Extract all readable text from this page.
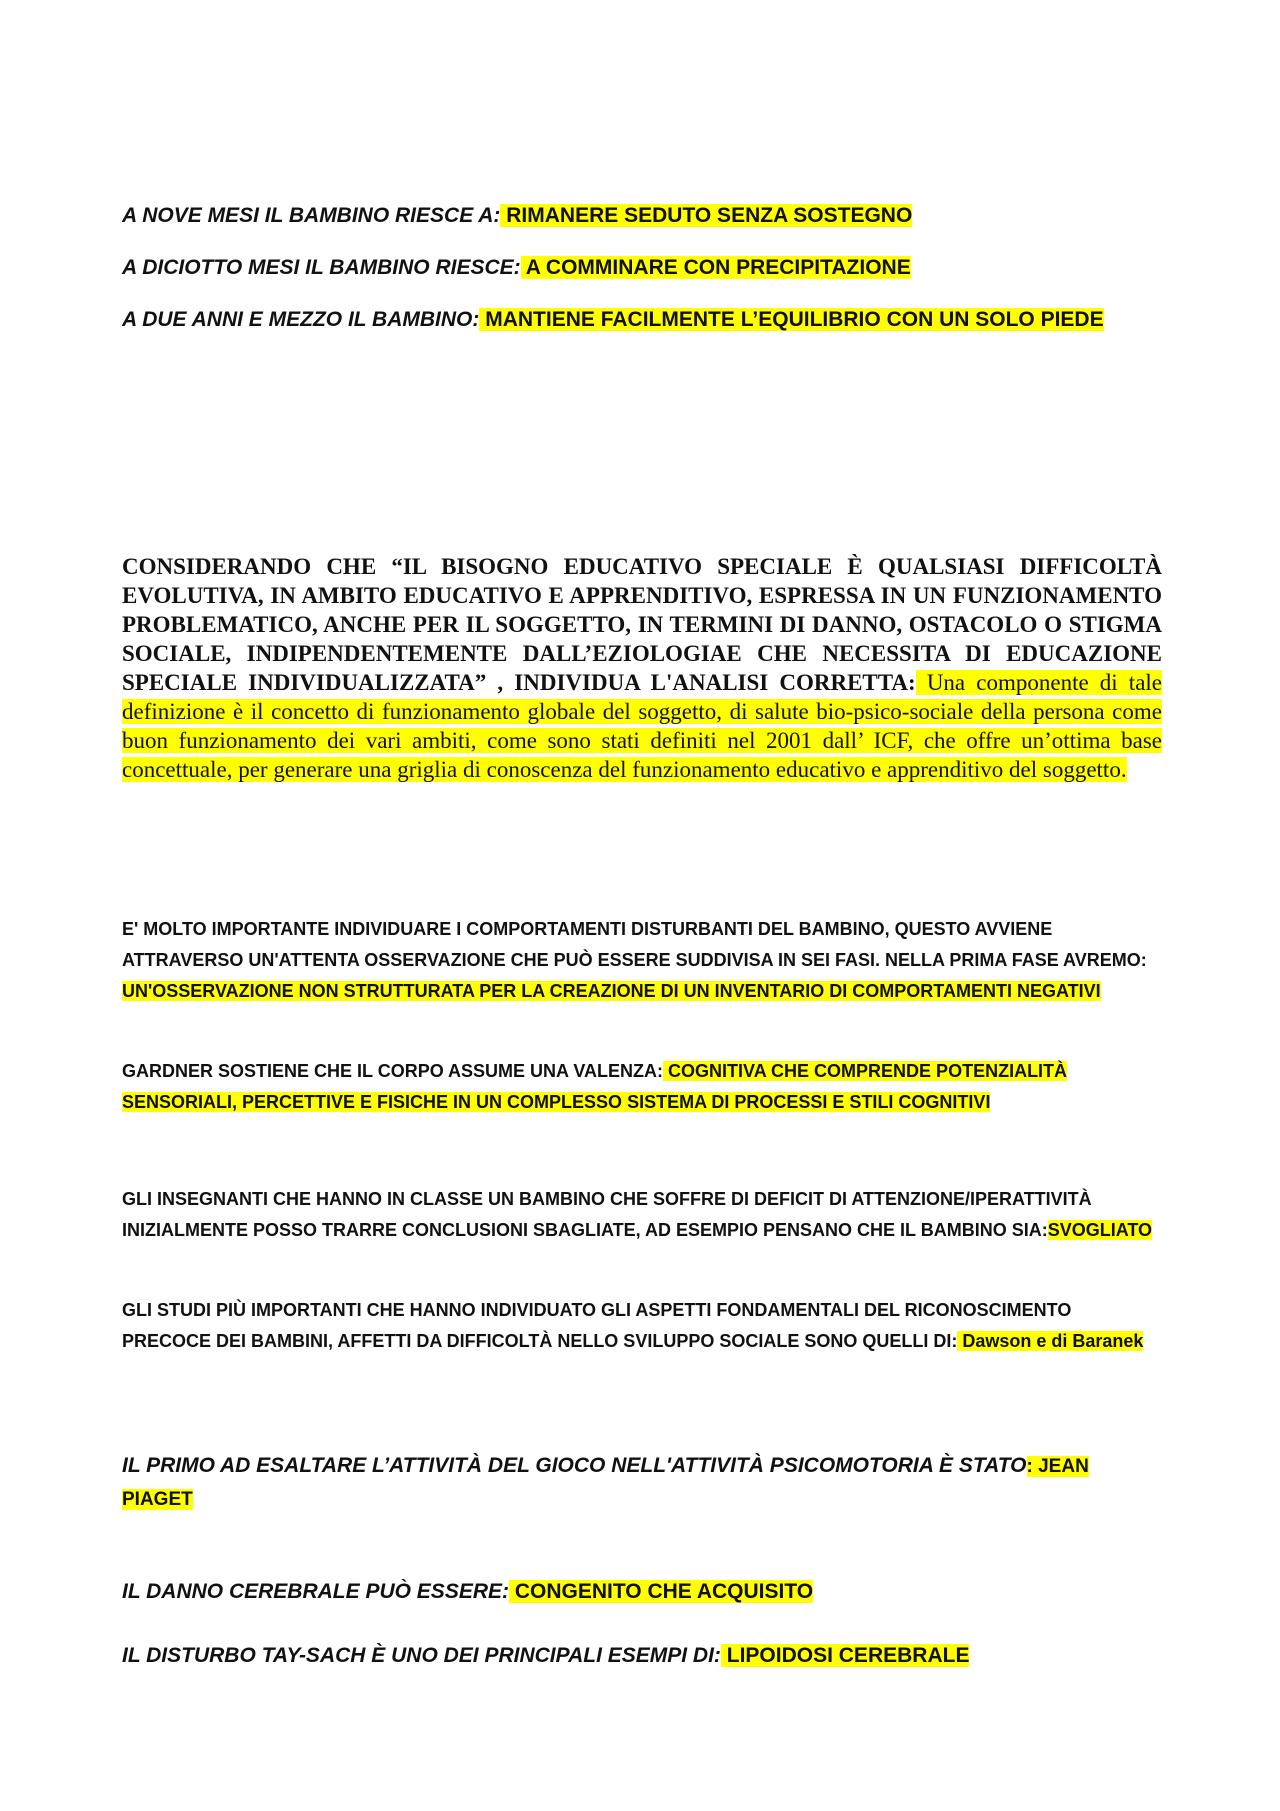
A NOVE MESI IL BAMBINO RIESCE A: RIMANERE SEDUTO SENZA SOSTEGNO

A DICIOTTO MESI IL BAMBINO RIESCE: A COMMINARE CON PRECIPITAZIONE

A DUE ANNI E MEZZO IL BAMBINO: MANTIENE FACILMENTE L’EQUILIBRIO CON UN SOLO PIEDE

CONSIDERANDO CHE “IL BISOGNO EDUCATIVO SPECIALE È QUALSIASI DIFFICOLTÀ EVOLUTIVA, IN AMBITO EDUCATIVO E APPRENDITIVO, ESPRESSA IN UN FUNZIONAMENTO PROBLEMATICO, ANCHE PER IL SOGGETTO, IN TERMINI DI DANNO, OSTACOLO O STIGMA SOCIALE, INDIPENDENTEMENTE DALL’EZIOLOGIAE CHE NECESSITA DI EDUCAZIONE SPECIALE INDIVIDUALIZZATA” , INDIVIDUA L'ANALISI CORRETTA: Una componente di tale definizione è il concetto di funzionamento globale del soggetto, di salute bio-psico-sociale della persona come buon funzionamento dei vari ambiti, come sono stati definiti nel 2001 dall’ ICF, che offre un’ottima base concettuale, per generare una griglia di conoscenza del funzionamento educativo e apprenditivo del soggetto.

E' MOLTO IMPORTANTE INDIVIDUARE I COMPORTAMENTI DISTURBANTI DEL BAMBINO, QUESTO AVVIENE ATTRAVERSO UN'ATTENTA OSSERVAZIONE CHE PUÒ ESSERE SUDDIVISA IN SEI FASI. NELLA PRIMA FASE AVREMO: UN'OSSERVAZIONE NON STRUTTURATA PER LA CREAZIONE DI UN INVENTARIO DI COMPORTAMENTI NEGATIVI

GARDNER SOSTIENE CHE IL CORPO ASSUME UNA VALENZA: COGNITIVA CHE COMPRENDE POTENZIALITÀ SENSORIALI, PERCETTIVE E FISICHE IN UN COMPLESSO SISTEMA DI PROCESSI E STILI COGNITIVI

GLI INSEGNANTI CHE HANNO IN CLASSE UN BAMBINO CHE SOFFRE DI DEFICIT DI ATTENZIONE/IPERATTIVITÀ INIZIALMENTE POSSO TRARRE CONCLUSIONI SBAGLIATE, AD ESEMPIO PENSANO CHE IL BAMBINO SIA:SVOGLIATO

GLI STUDI PIÙ IMPORTANTI CHE HANNO INDIVIDUATO GLI ASPETTI FONDAMENTALI DEL RICONOSCIMENTO PRECOCE DEI BAMBINI, AFFETTI DA DIFFICOLTÀ NELLO SVILUPPO SOCIALE SONO QUELLI DI: Dawson e di Baranek

IL PRIMO AD ESALTARE L’ATTIVITÀ DEL GIOCO NELL'ATTIVITÀ PSICOMOTORIA È STATO: JEAN PIAGET

IL DANNO CEREBRALE PUÒ ESSERE: CONGENITO CHE ACQUISITO

IL DISTURBO TAY-SACH È UNO DEI PRINCIPALI ESEMPI DI: LIPOIDOSI CEREBRALE
